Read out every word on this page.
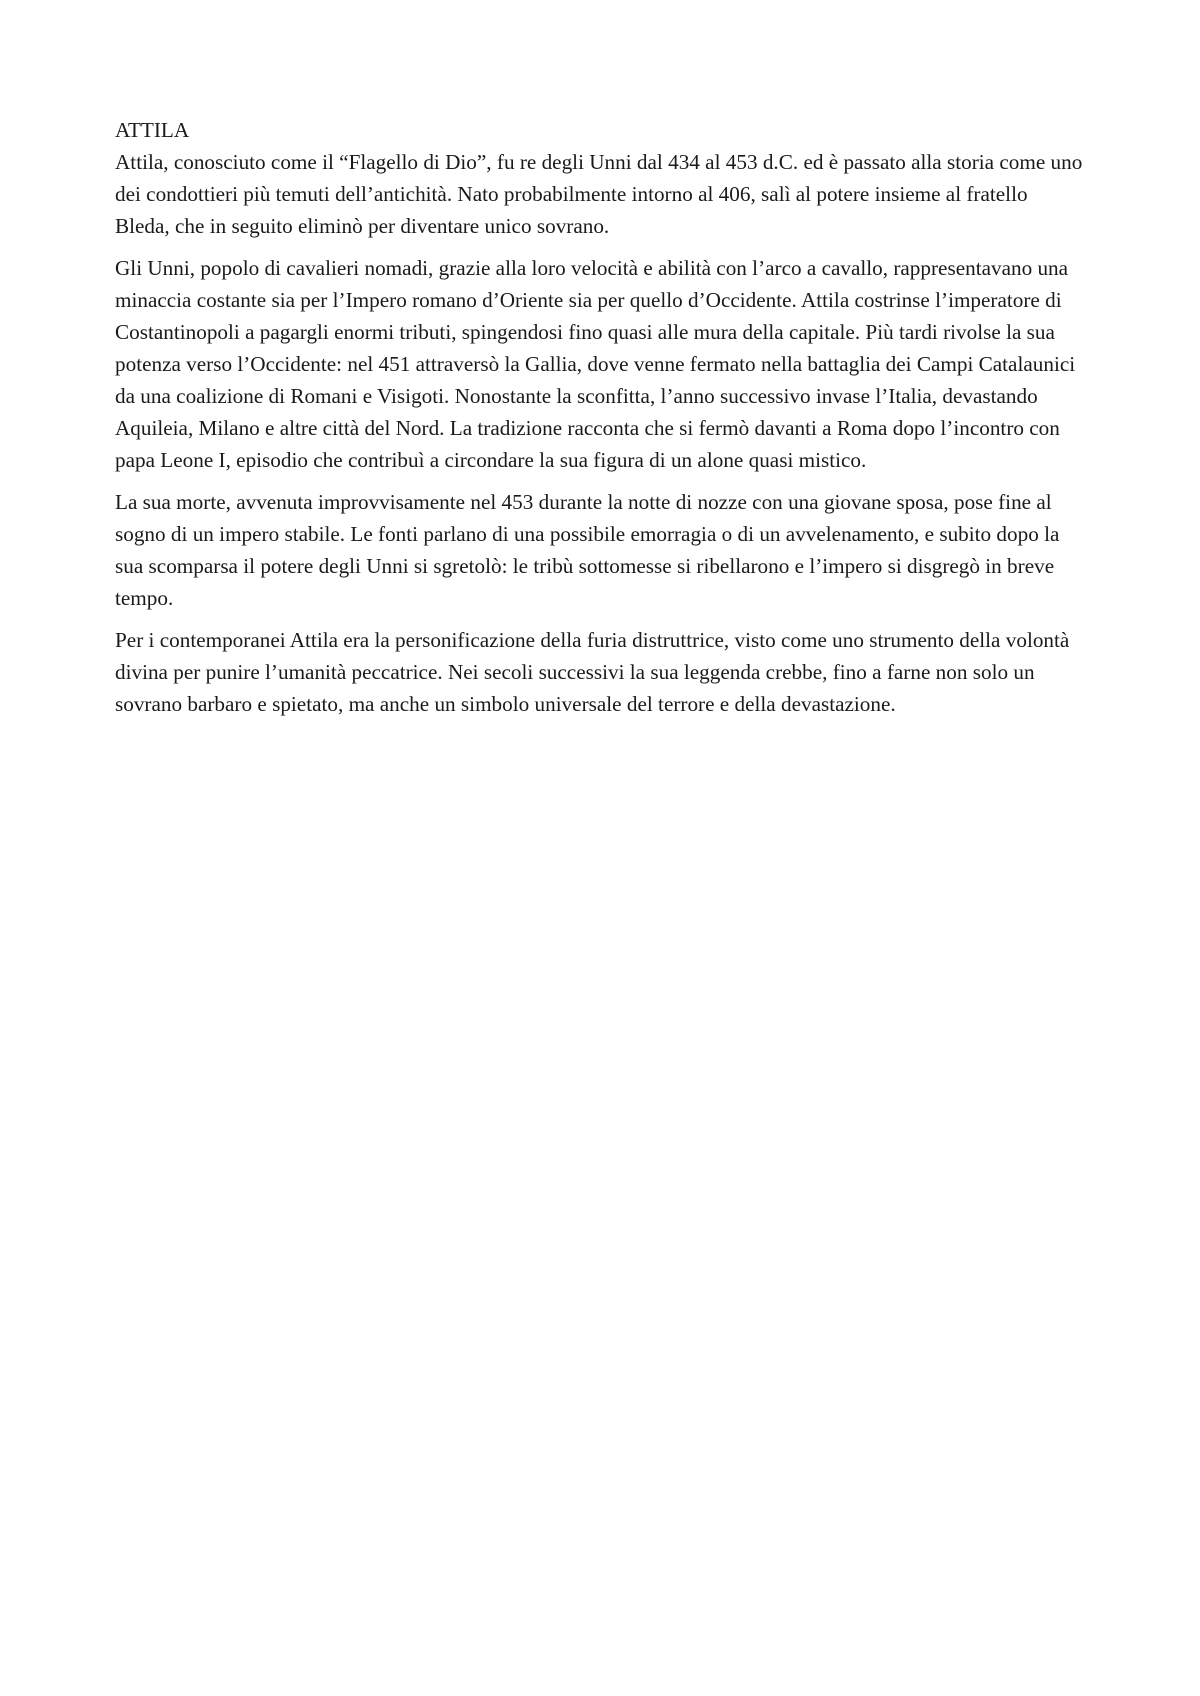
ATTILA

Attila, conosciuto come il “Flagello di Dio”, fu re degli Unni dal 434 al 453 d.C. ed è passato alla storia come uno dei condottieri più temuti dell’antichità. Nato probabilmente intorno al 406, salì al potere insieme al fratello Bleda, che in seguito eliminò per diventare unico sovrano.

Gli Unni, popolo di cavalieri nomadi, grazie alla loro velocità e abilità con l’arco a cavallo, rappresentavano una minaccia costante sia per l’Impero romano d’Oriente sia per quello d’Occidente. Attila costrinse l’imperatore di Costantinopoli a pagargli enormi tributi, spingendosi fino quasi alle mura della capitale. Più tardi rivolse la sua potenza verso l’Occidente: nel 451 attraversò la Gallia, dove venne fermato nella battaglia dei Campi Catalaunici da una coalizione di Romani e Visigoti. Nonostante la sconfitta, l’anno successivo invase l’Italia, devastando Aquileia, Milano e altre città del Nord. La tradizione racconta che si fermò davanti a Roma dopo l’incontro con papa Leone I, episodio che contribuì a circondare la sua figura di un alone quasi mistico.

La sua morte, avvenuta improvvisamente nel 453 durante la notte di nozze con una giovane sposa, pose fine al sogno di un impero stabile. Le fonti parlano di una possibile emorragia o di un avvelenamento, e subito dopo la sua scomparsa il potere degli Unni si sgretolò: le tribù sottomesse si ribellarono e l’impero si disgregò in breve tempo.

Per i contemporanei Attila era la personificazione della furia distruttrice, visto come uno strumento della volontà divina per punire l’umanità peccatrice. Nei secoli successivi la sua leggenda crebbe, fino a farne non solo un sovrano barbaro e spietato, ma anche un simbolo universale del terrore e della devastazione.
